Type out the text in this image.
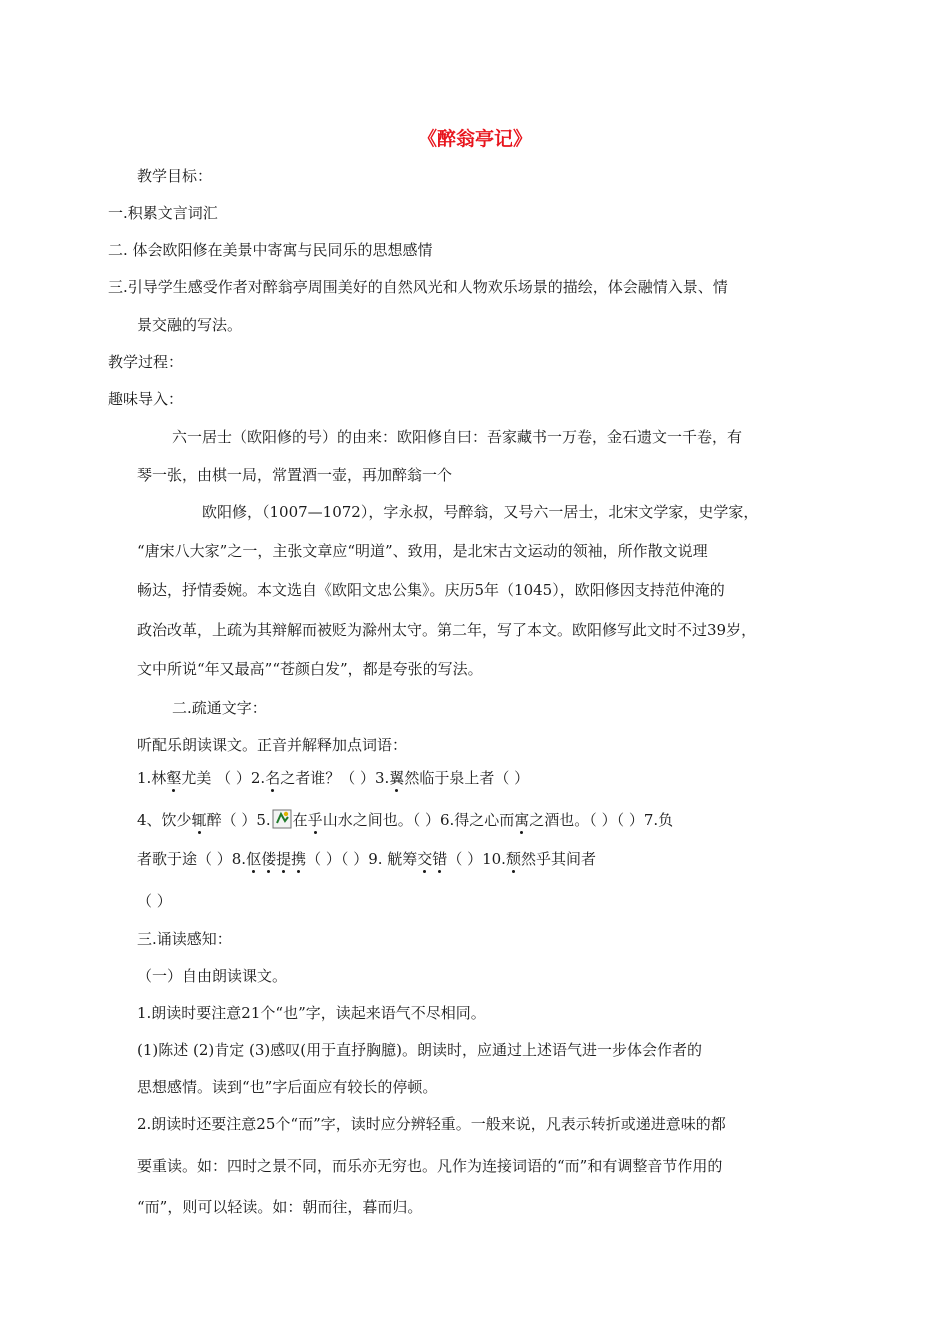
《醉翁亭记》
教学目标：
一.积累文言词汇
二. 体会欧阳修在美景中寄寓与民同乐的思想感情
三.引导学生感受作者对醉翁亭周围美好的自然风光和人物欢乐场景的描绘，体会融情入景、情
景交融的写法。
教学过程：
趣味导入：
六一居士（欧阳修的号）的由来：欧阳修自曰：吾家藏书一万卷，金石遗文一千卷，有
琴一张，由棋一局，常置酒一壶，再加醉翁一个
欧阳修，（1007—1072），字永叔，号醉翁，又号六一居士，北宋文学家，史学家，
“唐宋八大家”之一，主张文章应“明道”、致用，是北宋古文运动的领袖，所作散文说理
畅达，抒情委婉。本文选自《欧阳文忠公集》。庆历5年（1045），欧阳修因支持范仲淹的
政治改革，上疏为其辩解而被贬为滁州太守。第二年，写了本文。欧阳修写此文时不过39岁，
文中所说“年又最高”“苍颜白发”，都是夸张的写法。
二.疏通文字：
听配乐朗读课文。正音并解释加点词语：
1.林壑尤美 （ ）2.名之者谁？（ ）3.翼然临于泉上者（ ）
4、饮少辄醉（ ）5. 在乎山水之间也。（ ）6.得之心而寓之酒也。（ ）（ ）7.负
者歌于途（ ）8.伛偻提携（ ）（ ）9. 觥筹交错（ ）10.颓然乎其间者
（ ）
三.诵读感知：
（一）自由朗读课文。
1.朗读时要注意21个“也”字，读起来语气不尽相同。
(1)陈述 (2)肯定 (3)感叹(用于直抒胸臆)。朗读时，应通过上述语气进一步体会作者的
思想感情。读到“也”字后面应有较长的停顿。
2.朗读时还要注意25个“而”字，读时应分辨轻重。一般来说，凡表示转折或递进意味的都
要重读。如：四时之景不同，而乐亦无穷也。凡作为连接词语的“而”和有调整音节作用的
“而”，则可以轻读。如：朝而往，暮而归。
